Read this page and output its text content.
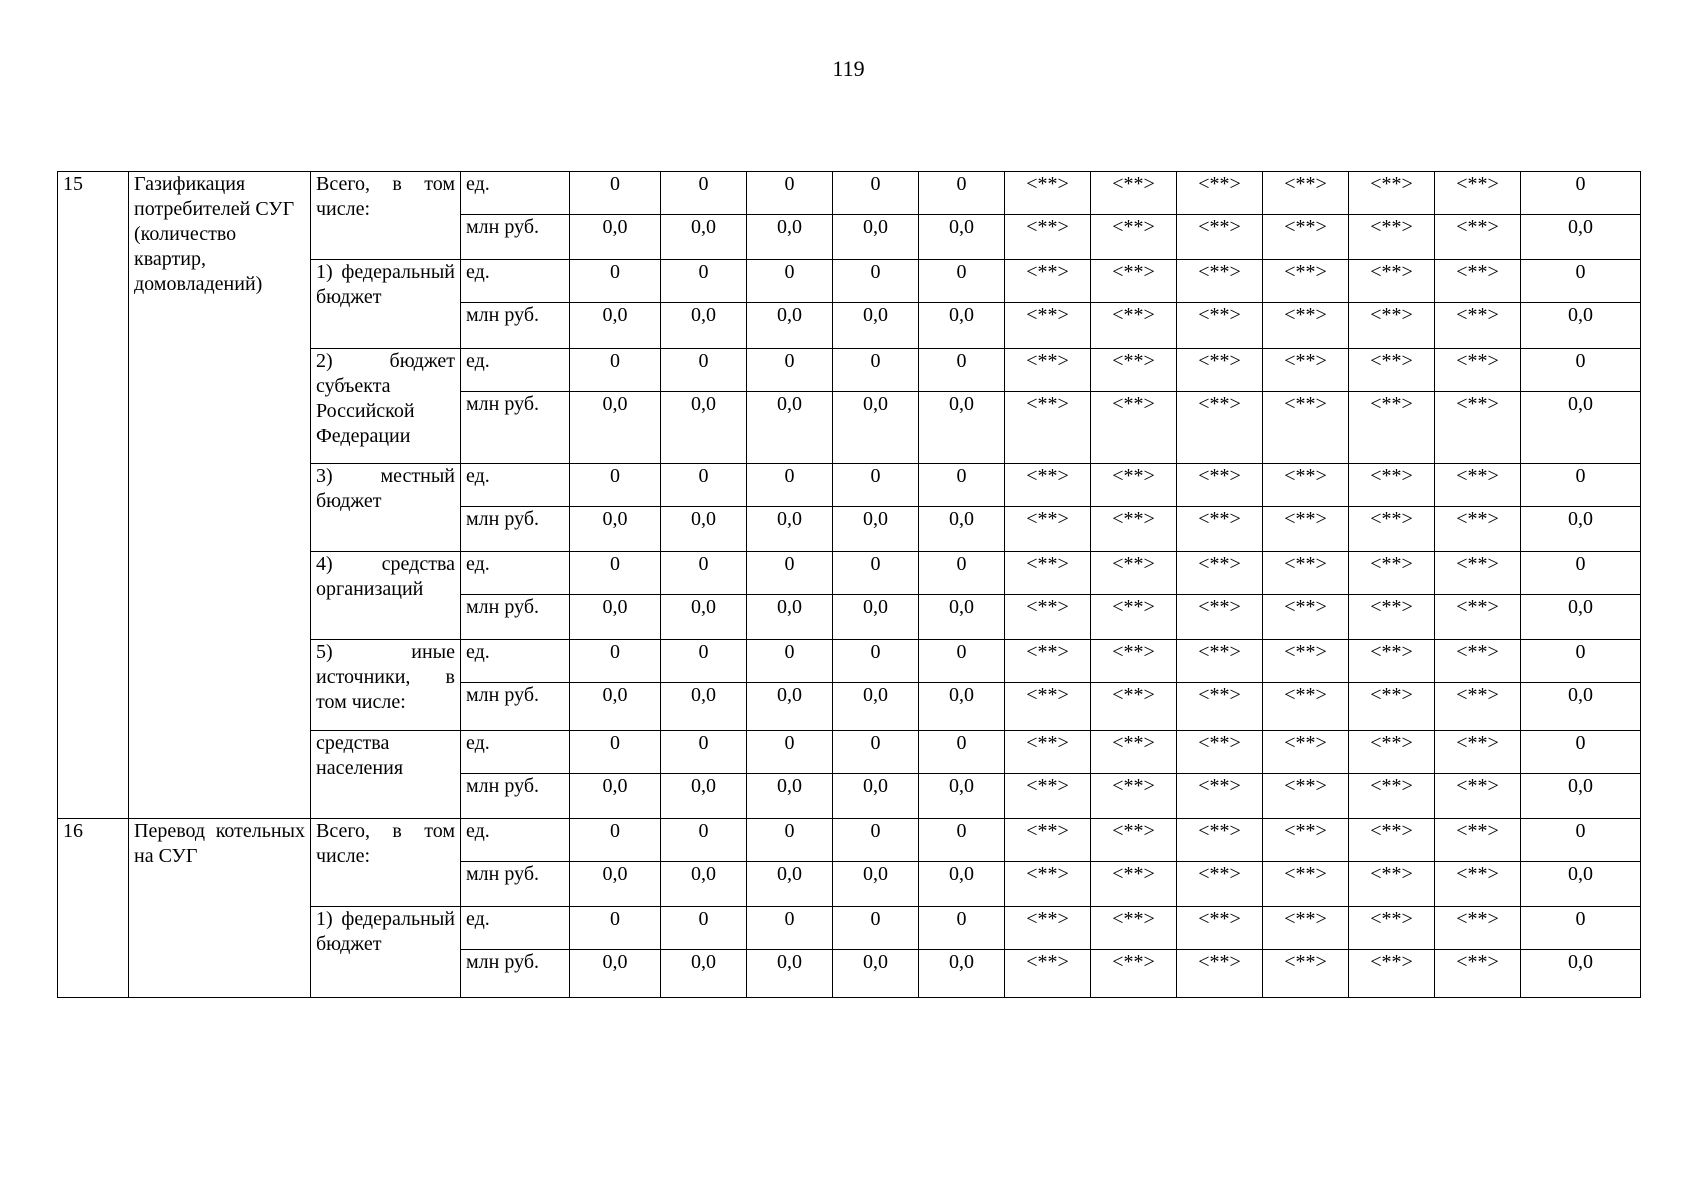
119
15	Газификация потребителей СУГ (количество квартир, домовладений)	Всего, в том числе:	ед.	0	0	0	0	0	<**>	<**>	<**>	<**>	<**>	<**>	0
			млн руб.	0,0	0,0	0,0	0,0	0,0	<**>	<**>	<**>	<**>	<**>	<**>	0,0
		1) федеральный бюджет	ед.	0	0	0	0	0	<**>	<**>	<**>	<**>	<**>	<**>	0
			млн руб.	0,0	0,0	0,0	0,0	0,0	<**>	<**>	<**>	<**>	<**>	<**>	0,0
		2) бюджет субъекта Российской Федерации	ед.	0	0	0	0	0	<**>	<**>	<**>	<**>	<**>	<**>	0
			млн руб.	0,0	0,0	0,0	0,0	0,0	<**>	<**>	<**>	<**>	<**>	<**>	0,0
		3) местный бюджет	ед.	0	0	0	0	0	<**>	<**>	<**>	<**>	<**>	<**>	0
			млн руб.	0,0	0,0	0,0	0,0	0,0	<**>	<**>	<**>	<**>	<**>	<**>	0,0
		4) средства организаций	ед.	0	0	0	0	0	<**>	<**>	<**>	<**>	<**>	<**>	0
			млн руб.	0,0	0,0	0,0	0,0	0,0	<**>	<**>	<**>	<**>	<**>	<**>	0,0
		5) иные источники, в том числе:	ед.	0	0	0	0	0	<**>	<**>	<**>	<**>	<**>	<**>	0
			млн руб.	0,0	0,0	0,0	0,0	0,0	<**>	<**>	<**>	<**>	<**>	<**>	0,0
		средства населения	ед.	0	0	0	0	0	<**>	<**>	<**>	<**>	<**>	<**>	0
			млн руб.	0,0	0,0	0,0	0,0	0,0	<**>	<**>	<**>	<**>	<**>	<**>	0,0
16	Перевод котельных на СУГ	Всего, в том числе:	ед.	0	0	0	0	0	<**>	<**>	<**>	<**>	<**>	<**>	0
			млн руб.	0,0	0,0	0,0	0,0	0,0	<**>	<**>	<**>	<**>	<**>	<**>	0,0
		1) федеральный бюджет	ед.	0	0	0	0	0	<**>	<**>	<**>	<**>	<**>	<**>	0
			млн руб.	0,0	0,0	0,0	0,0	0,0	<**>	<**>	<**>	<**>	<**>	<**>	0,0
